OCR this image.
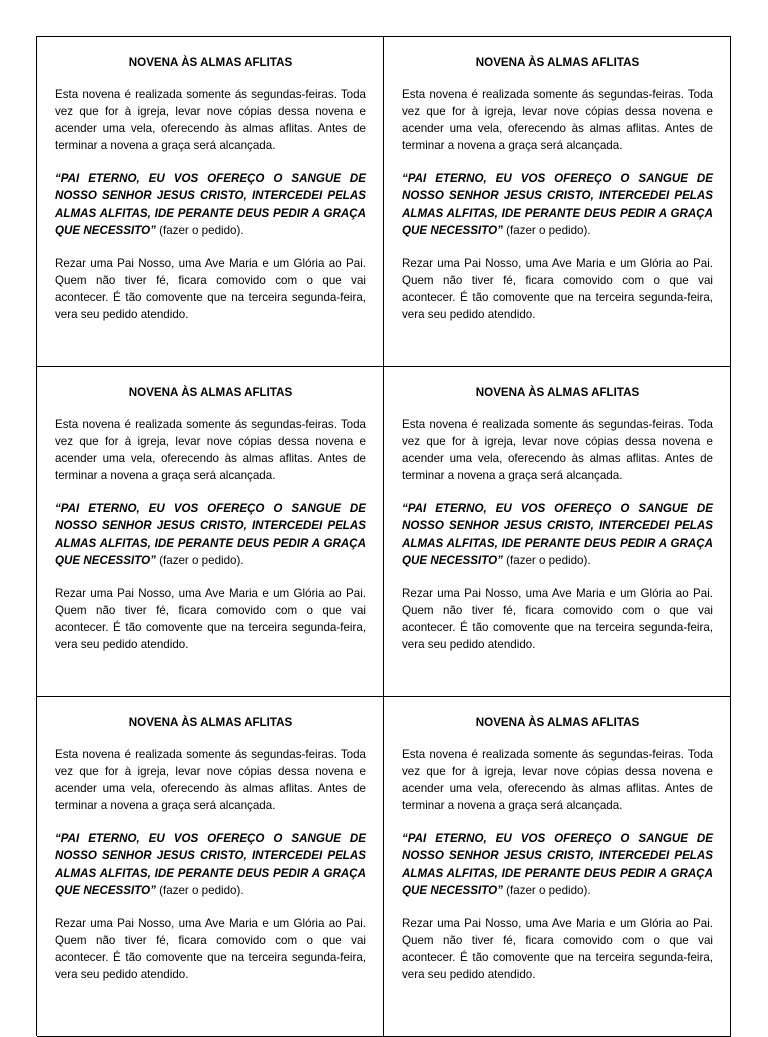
NOVENA ÀS ALMAS AFLITAS

Esta novena é realizada somente ás segundas-feiras. Toda vez que for à igreja, levar nove cópias dessa novena e acender uma vela, oferecendo às almas aflitas. Antes de terminar a novena a graça será alcançada.

“PAI ETERNO, EU VOS OFEREÇO O SANGUE DE NOSSO SENHOR JESUS CRISTO, INTERCEDEI PELAS ALMAS ALFITAS, IDE PERANTE DEUS PEDIR A GRAÇA QUE NECESSITO” (fazer o pedido).

Rezar uma Pai Nosso, uma Ave Maria e um Glória ao Pai. Quem não tiver fé, ficara comovido com o que vai acontecer. É tão comovente que na terceira segunda-feira, vera seu pedido atendido.

NOVENA ÀS ALMAS AFLITAS

Esta novena é realizada somente ás segundas-feiras. Toda vez que for à igreja, levar nove cópias dessa novena e acender uma vela, oferecendo às almas aflitas. Antes de terminar a novena a graça será alcançada.

“PAI ETERNO, EU VOS OFEREÇO O SANGUE DE NOSSO SENHOR JESUS CRISTO, INTERCEDEI PELAS ALMAS ALFITAS, IDE PERANTE DEUS PEDIR A GRAÇA QUE NECESSITO” (fazer o pedido).

Rezar uma Pai Nosso, uma Ave Maria e um Glória ao Pai. Quem não tiver fé, ficara comovido com o que vai acontecer. É tão comovente que na terceira segunda-feira, vera seu pedido atendido.

NOVENA ÀS ALMAS AFLITAS

Esta novena é realizada somente ás segundas-feiras. Toda vez que for à igreja, levar nove cópias dessa novena e acender uma vela, oferecendo às almas aflitas. Antes de terminar a novena a graça será alcançada.

“PAI ETERNO, EU VOS OFEREÇO O SANGUE DE NOSSO SENHOR JESUS CRISTO, INTERCEDEI PELAS ALMAS ALFITAS, IDE PERANTE DEUS PEDIR A GRAÇA QUE NECESSITO” (fazer o pedido).

Rezar uma Pai Nosso, uma Ave Maria e um Glória ao Pai. Quem não tiver fé, ficara comovido com o que vai acontecer. É tão comovente que na terceira segunda-feira, vera seu pedido atendido.

NOVENA ÀS ALMAS AFLITAS

Esta novena é realizada somente ás segundas-feiras. Toda vez que for à igreja, levar nove cópias dessa novena e acender uma vela, oferecendo às almas aflitas. Antes de terminar a novena a graça será alcançada.

“PAI ETERNO, EU VOS OFEREÇO O SANGUE DE NOSSO SENHOR JESUS CRISTO, INTERCEDEI PELAS ALMAS ALFITAS, IDE PERANTE DEUS PEDIR A GRAÇA QUE NECESSITO” (fazer o pedido).

Rezar uma Pai Nosso, uma Ave Maria e um Glória ao Pai. Quem não tiver fé, ficara comovido com o que vai acontecer. É tão comovente que na terceira segunda-feira, vera seu pedido atendido.

NOVENA ÀS ALMAS AFLITAS

Esta novena é realizada somente ás segundas-feiras. Toda vez que for à igreja, levar nove cópias dessa novena e acender uma vela, oferecendo às almas aflitas. Antes de terminar a novena a graça será alcançada.

“PAI ETERNO, EU VOS OFEREÇO O SANGUE DE NOSSO SENHOR JESUS CRISTO, INTERCEDEI PELAS ALMAS ALFITAS, IDE PERANTE DEUS PEDIR A GRAÇA QUE NECESSITO” (fazer o pedido).

Rezar uma Pai Nosso, uma Ave Maria e um Glória ao Pai. Quem não tiver fé, ficara comovido com o que vai acontecer. É tão comovente que na terceira segunda-feira, vera seu pedido atendido.

NOVENA ÀS ALMAS AFLITAS

Esta novena é realizada somente ás segundas-feiras. Toda vez que for à igreja, levar nove cópias dessa novena e acender uma vela, oferecendo às almas aflitas. Antes de terminar a novena a graça será alcançada.

“PAI ETERNO, EU VOS OFEREÇO O SANGUE DE NOSSO SENHOR JESUS CRISTO, INTERCEDEI PELAS ALMAS ALFITAS, IDE PERANTE DEUS PEDIR A GRAÇA QUE NECESSITO” (fazer o pedido).

Rezar uma Pai Nosso, uma Ave Maria e um Glória ao Pai. Quem não tiver fé, ficara comovido com o que vai acontecer. É tão comovente que na terceira segunda-feira, vera seu pedido atendido.
